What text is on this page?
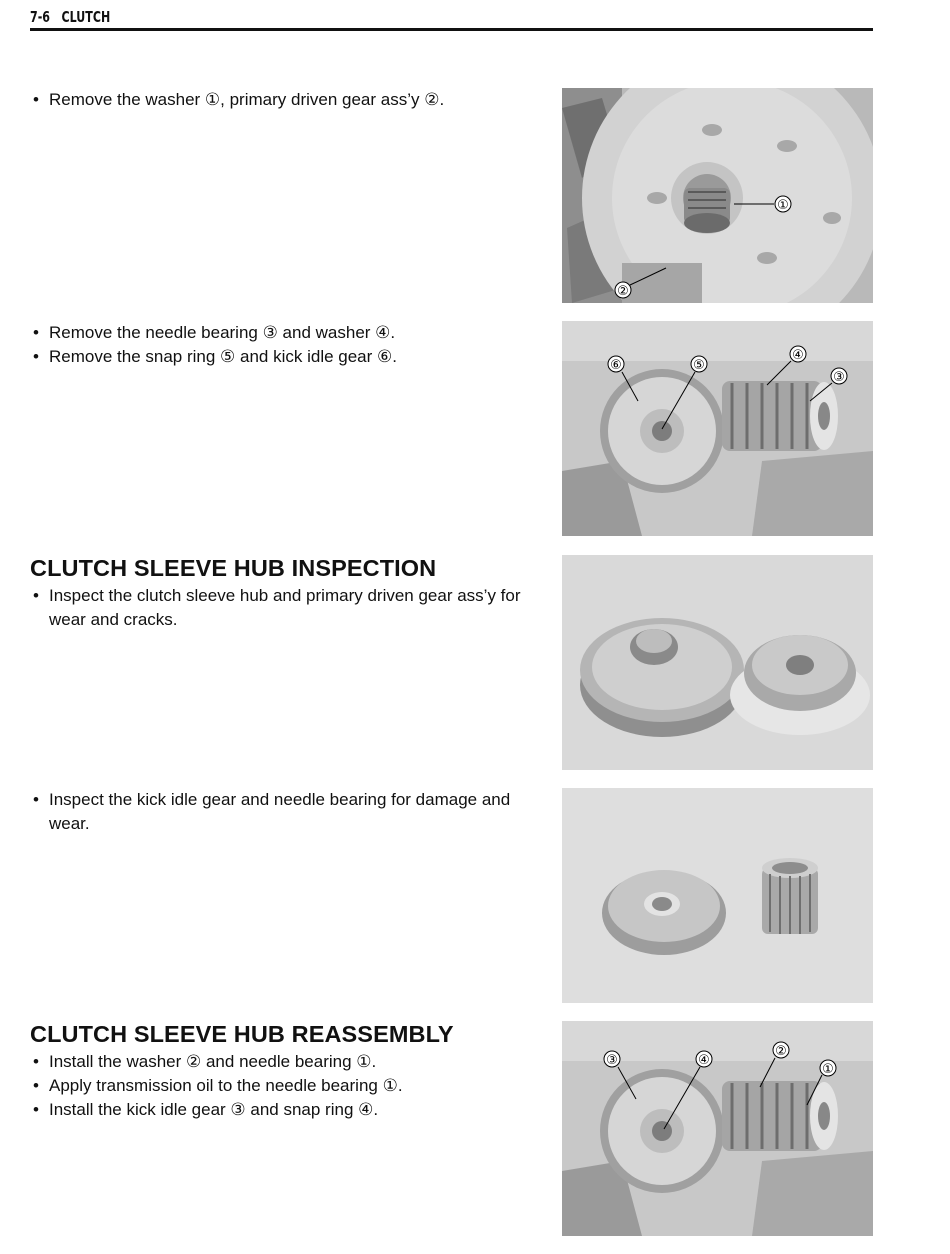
7-6 CLUTCH
• Remove the washer ①, primary driven gear ass’y ②.
• Remove the needle bearing ③ and washer ④.
• Remove the snap ring ⑤ and kick idle gear ⑥.
CLUTCH SLEEVE HUB INSPECTION
• Inspect the clutch sleeve hub and primary driven gear ass’y for wear and cracks.
• Inspect the kick idle gear and needle bearing for damage and wear.
CLUTCH SLEEVE HUB REASSEMBLY
• Install the washer ② and needle bearing ①.
• Apply transmission oil to the needle bearing ①.
• Install the kick idle gear ③ and snap ring ④.
①
②
⑥	⑤
④
③
③	④
②
①
